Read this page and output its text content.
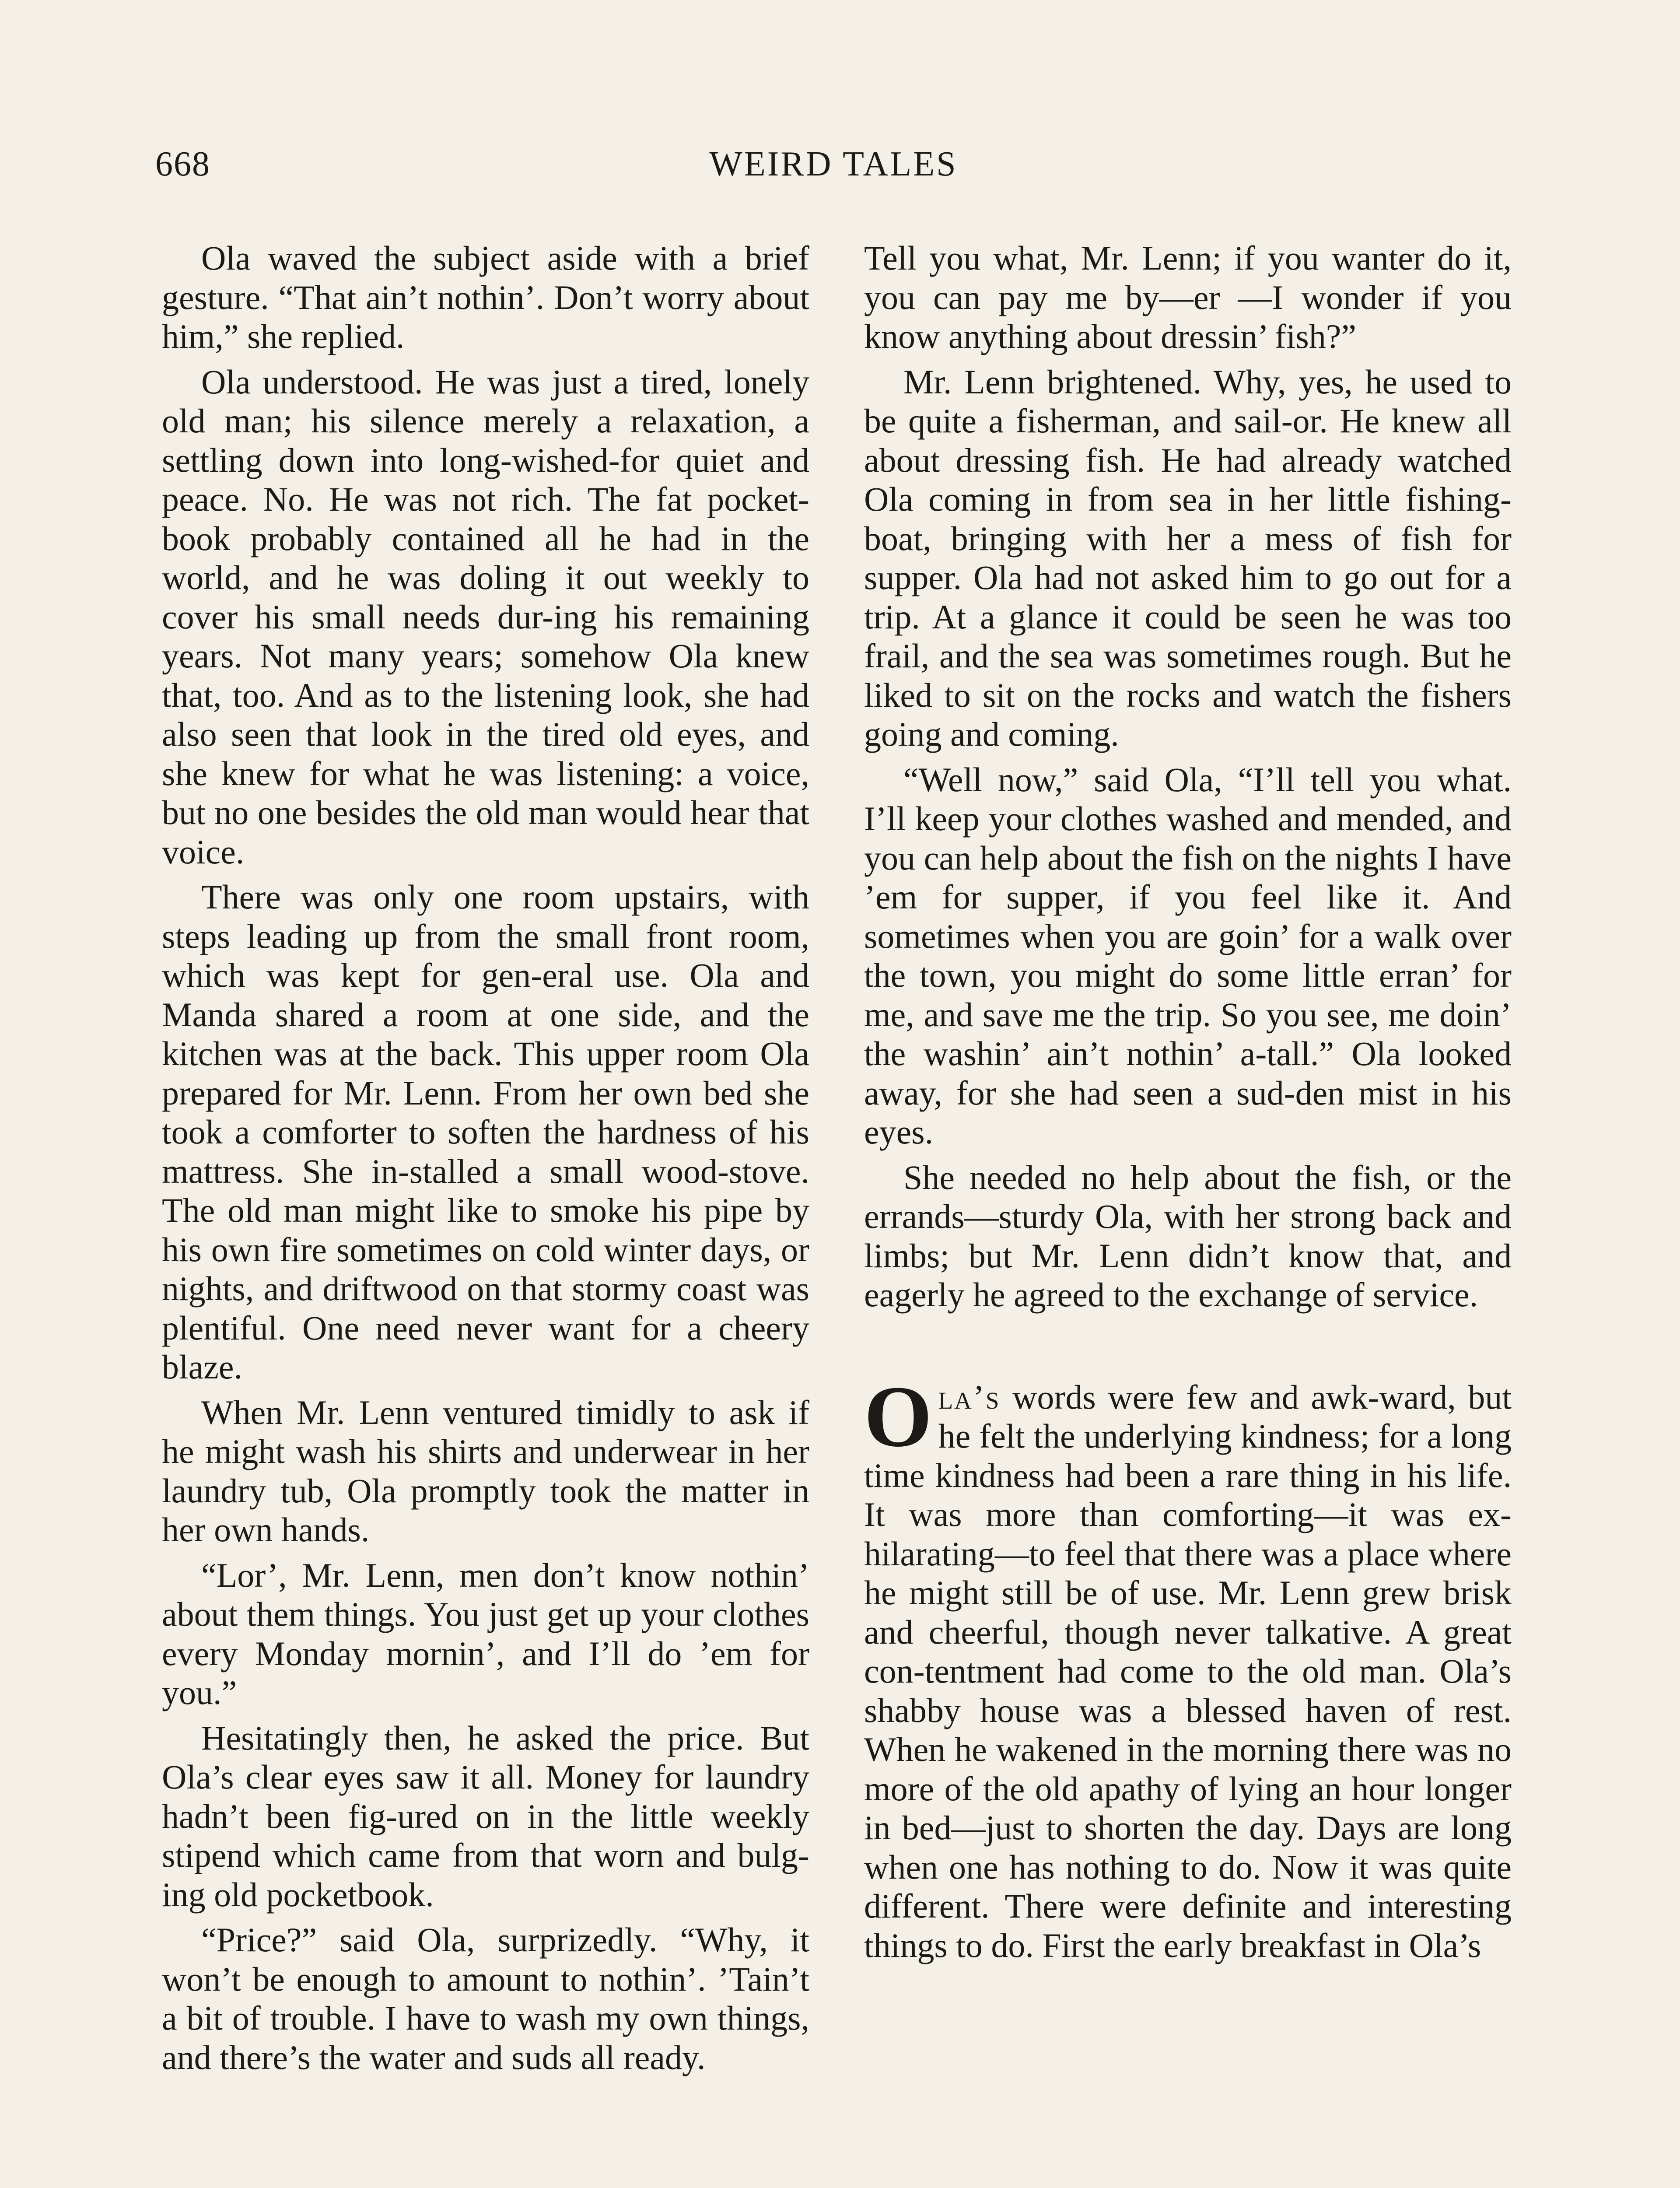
668	WEIRD TALES

Ola waved the subject aside with a brief gesture. “That ain’t nothin’. Don’t worry about him,” she replied.

Ola understood. He was just a tired, lonely old man; his silence merely a relaxation, a settling down into long-wished-for quiet and peace. No. He was not rich. The fat pocket-book probably contained all he had in the world, and he was doling it out weekly to cover his small needs dur-ing his remaining years. Not many years; somehow Ola knew that, too. And as to the listening look, she had also seen that look in the tired old eyes, and she knew for what he was listening: a voice, but no one besides the old man would hear that voice.

There was only one room upstairs, with steps leading up from the small front room, which was kept for gen-eral use. Ola and Manda shared a room at one side, and the kitchen was at the back. This upper room Ola prepared for Mr. Lenn. From her own bed she took a comforter to soften the hardness of his mattress. She in-stalled a small wood-stove. The old man might like to smoke his pipe by his own fire sometimes on cold winter days, or nights, and driftwood on that stormy coast was plentiful. One need never want for a cheery blaze.

When Mr. Lenn ventured timidly to ask if he might wash his shirts and underwear in her laundry tub, Ola promptly took the matter in her own hands.

“Lor’, Mr. Lenn, men don’t know nothin’ about them things. You just get up your clothes every Monday mornin’, and I’ll do ’em for you.”

Hesitatingly then, he asked the price. But Ola’s clear eyes saw it all. Money for laundry hadn’t been fig-ured on in the little weekly stipend which came from that worn and bulg-ing old pocketbook.

“Price?” said Ola, surprizedly. “Why, it won’t be enough to amount to nothin’. ’Tain’t a bit of trouble. I have to wash my own things, and there’s the water and suds all ready.

Tell you what, Mr. Lenn; if you wanter do it, you can pay me by—er —I wonder if you know anything about dressin’ fish?”

Mr. Lenn brightened. Why, yes, he used to be quite a fisherman, and sail-or. He knew all about dressing fish. He had already watched Ola coming in from sea in her little fishing-boat, bringing with her a mess of fish for supper. Ola had not asked him to go out for a trip. At a glance it could be seen he was too frail, and the sea was sometimes rough. But he liked to sit on the rocks and watch the fishers going and coming.

“Well now,” said Ola, “I’ll tell you what. I’ll keep your clothes washed and mended, and you can help about the fish on the nights I have ’em for supper, if you feel like it. And sometimes when you are goin’ for a walk over the town, you might do some little erran’ for me, and save me the trip. So you see, me doin’ the washin’ ain’t nothin’ a-tall.” Ola looked away, for she had seen a sud-den mist in his eyes.

She needed no help about the fish, or the errands—sturdy Ola, with her strong back and limbs; but Mr. Lenn didn’t know that, and eagerly he agreed to the exchange of service.

Ola’s words were few and awk-ward, but he felt the underlying kindness; for a long time kindness had been a rare thing in his life. It was more than comforting—it was ex-hilarating—to feel that there was a place where he might still be of use. Mr. Lenn grew brisk and cheerful, though never talkative. A great con-tentment had come to the old man. Ola’s shabby house was a blessed haven of rest. When he wakened in the morning there was no more of the old apathy of lying an hour longer in bed—just to shorten the day. Days are long when one has nothing to do. Now it was quite different. There were definite and interesting things to do. First the early breakfast in Ola’s
